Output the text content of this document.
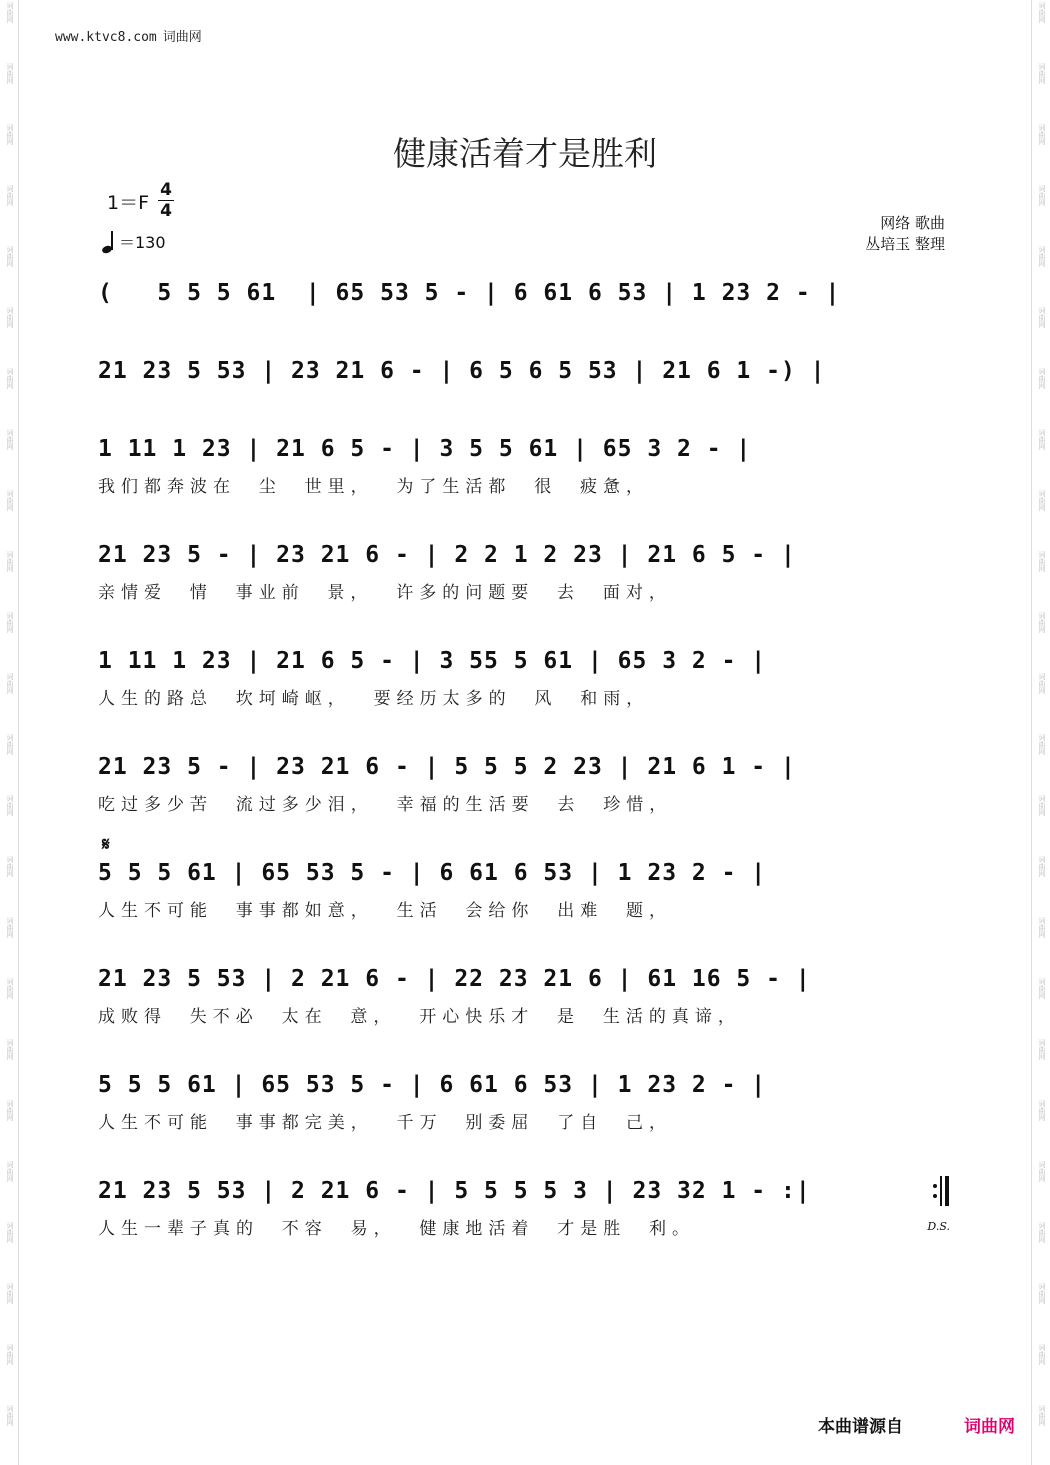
词曲网	词曲网
词曲网	词曲网
词曲网	词曲网
词曲网	词曲网
词曲网	词曲网
词曲网	词曲网
词曲网	词曲网
词曲网	词曲网
词曲网	词曲网
词曲网	词曲网
词曲网	词曲网
词曲网	词曲网
词曲网	词曲网
词曲网	词曲网
词曲网	词曲网
词曲网	词曲网
词曲网	词曲网
词曲网	词曲网
词曲网	词曲网
词曲网	词曲网
词曲网	词曲网
词曲网	词曲网
词曲网	词曲网
词曲网	词曲网
www.ktvc8.com 词曲网
健康活着才是胜利
1＝F
4
4
＝130
网络 歌曲
丛培玉 整理
𝄋
(   5 5 5 61  | 65 53 5 - | 6 61 6 53 | 1 23 2 - |
21 23 5 53 | 23 21 6 - | 6 5 6 5 53 | 21 6 1 -) |
1 11 1 23 | 21 6 5 - | 3 5 5 61 | 65 3 2 - |
我们都奔波在  尘  世里，  为了生活都  很  疲惫，
21 23 5 - | 23 21 6 - | 2 2 1 2 23 | 21 6 5 - |
亲情爱  情  事业前  景，  许多的问题要  去  面对，
1 11 1 23 | 21 6 5 - | 3 55 5 61 | 65 3 2 - |
人生的路总  坎坷崎岖，  要经历太多的  风  和雨，
21 23 5 - | 23 21 6 - | 5 5 5 2 23 | 21 6 1 - |
吃过多少苦  流过多少泪，  幸福的生活要  去  珍惜，
5 5 5 61 | 65 53 5 - | 6 61 6 53 | 1 23 2 - |
人生不可能  事事都如意，  生活  会给你  出难  题，
21 23 5 53 | 2 21 6 - | 22 23 21 6 | 61 16 5 - |
成败得  失不必  太在  意，  开心快乐才  是  生活的真谛，
5 5 5 61 | 65 53 5 - | 6 61 6 53 | 1 23 2 - |
人生不可能  事事都完美，  千万  别委屈  了自  己，
21 23 5 53 | 2 21 6 - | 5 5 5 5 3 | 23 32 1 - :|
人生一辈子真的  不容  易，  健康地活着  才是胜  利。	D.S.
本曲谱源自	词曲网
